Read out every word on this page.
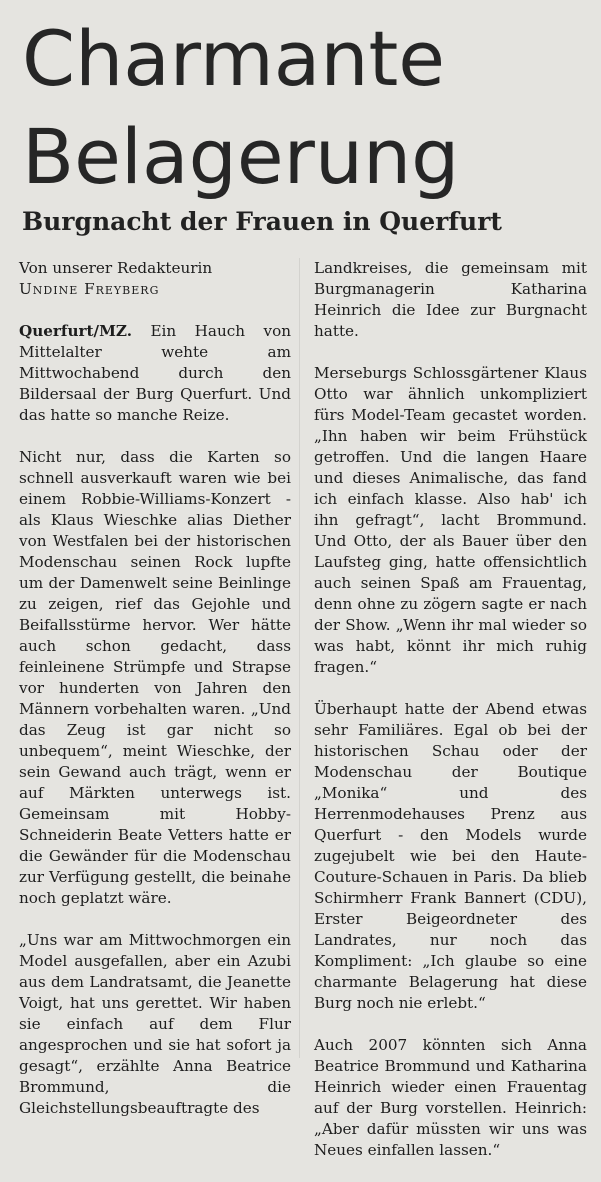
Charmante
Belagerung
Burgnacht der Frauen in Querfurt

Von unserer Redakteurin

Undine Freyberg

Querfurt/MZ. Ein Hauch von Mittelalter wehte am Mittwochabend durch den Bildersaal der Burg Querfurt. Und das hatte so manche Reize.

Nicht nur, dass die Karten so schnell ausverkauft waren wie bei einem Robbie-Williams-Konzert - als Klaus Wieschke alias Diether von Westfalen bei der historischen Modenschau seinen Rock lupfte um der Damenwelt seine Beinlinge zu zeigen, rief das Gejohle und Beifallsstürme hervor. Wer hätte auch schon gedacht, dass feinleinene Strümpfe und Strapse vor hunderten von Jahren den Männern vorbehalten waren. „Und das Zeug ist gar nicht so unbequem“, meint Wieschke, der sein Gewand auch trägt, wenn er auf Märkten unterwegs ist. Gemeinsam mit Hobby-Schneiderin Beate Vetters hatte er die Gewänder für die Modenschau zur Verfügung gestellt, die beinahe noch geplatzt wäre.

„Uns war am Mittwochmorgen ein Model ausgefallen, aber ein Azubi aus dem Landratsamt, die Jeanette Voigt, hat uns gerettet. Wir haben sie einfach auf dem Flur angesprochen und sie hat sofort ja gesagt“, erzählte Anna Beatrice Brommund, die Gleichstellungsbeauftragte des

Landkreises, die gemeinsam mit Burgmanagerin Katharina Heinrich die Idee zur Burgnacht hatte.

Merseburgs Schlossgärtener Klaus Otto war ähnlich unkompliziert fürs Model-Team gecastet worden. „Ihn haben wir beim Frühstück getroffen. Und die langen Haare und dieses Animalische, das fand ich einfach klasse. Also hab' ich ihn gefragt“, lacht Brommund. Und Otto, der als Bauer über den Laufsteg ging, hatte offensichtlich auch seinen Spaß am Frauentag, denn ohne zu zögern sagte er nach der Show. „Wenn ihr mal wieder so was habt, könnt ihr mich ruhig fragen.“

Überhaupt hatte der Abend etwas sehr Familiäres. Egal ob bei der historischen Schau oder der Modenschau der Boutique „Monika“ und des Herrenmodehauses Prenz aus Querfurt - den Models wurde zugejubelt wie bei den Haute-Couture-Schauen in Paris. Da blieb Schirmherr Frank Bannert (CDU), Erster Beigeordneter des Landrates, nur noch das Kompliment: „Ich glaube so eine charmante Belagerung hat diese Burg noch nie erlebt.“

Auch 2007 könnten sich Anna Beatrice Brommund und Katharina Heinrich wieder einen Frauentag auf der Burg vorstellen. Heinrich: „Aber dafür müssten wir uns was Neues einfallen lassen.“
